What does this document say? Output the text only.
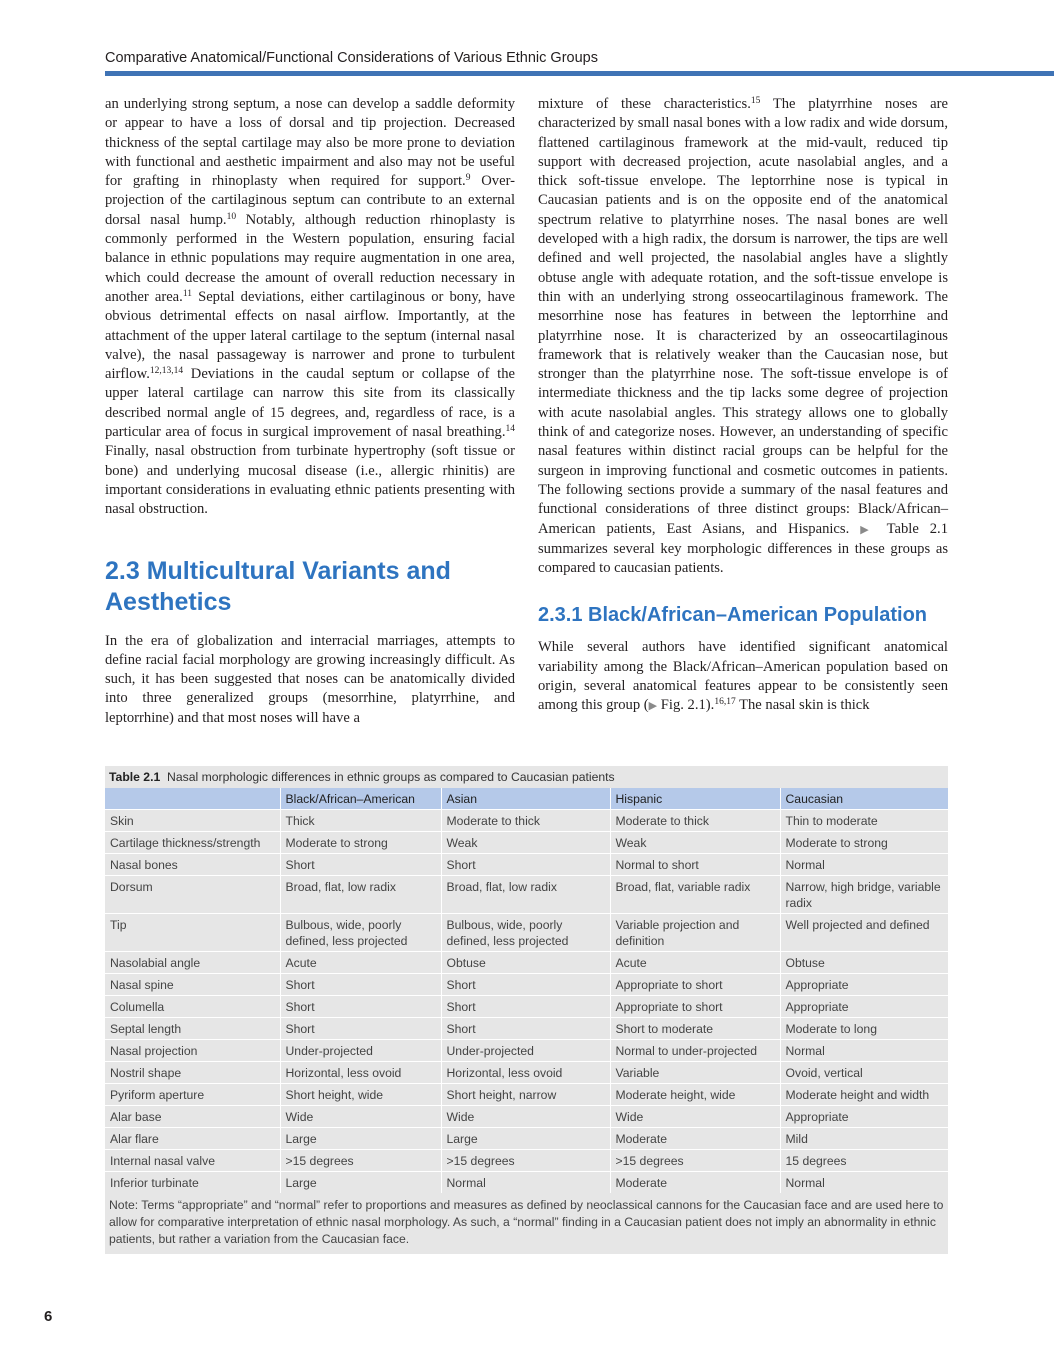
Comparative Anatomical/Functional Considerations of Various Ethnic Groups

an underlying strong septum, a nose can develop a saddle deformity or appear to have a loss of dorsal and tip projection. Decreased thickness of the septal cartilage may also be more prone to deviation with functional and aesthetic impairment and also may not be useful for grafting in rhinoplasty when required for support.$^9$ Over-projection of the cartilaginous septum can contribute to an external dorsal nasal hump.$^{10}$ Notably, although reduction rhinoplasty is commonly performed in the Western population, ensuring facial balance in ethnic populations may require augmentation in one area, which could decrease the amount of overall reduction necessary in another area.$^{11}$ Septal deviations, either cartilaginous or bony, have obvious detrimental effects on nasal airflow. Importantly, at the attachment of the upper lateral cartilage to the septum (internal nasal valve), the nasal passageway is narrower and prone to turbulent airflow.$^{12,13,14}$ Deviations in the caudal septum or collapse of the upper lateral cartilage can narrow this site from its classically described normal angle of 15 degrees, and, regardless of race, is a particular area of focus in surgical improvement of nasal breathing.$^{14}$ Finally, nasal obstruction from turbinate hypertrophy (soft tissue or bone) and underlying mucosal disease (i.e., allergic rhinitis) are important considerations in evaluating ethnic patients presenting with nasal obstruction.

2.3 Multicultural Variants and Aesthetics

In the era of globalization and interracial marriages, attempts to define racial facial morphology are growing increasingly difficult. As such, it has been suggested that noses can be anatomically divided into three generalized groups (mesorrhine, platyrrhine, and leptorrhine) and that most noses will have a

mixture of these characteristics.$^{15}$ The platyrrhine noses are characterized by small nasal bones with a low radix and wide dorsum, flattened cartilaginous framework at the mid-vault, reduced tip support with decreased projection, acute nasolabial angles, and a thick soft-tissue envelope. The leptorrhine nose is typical in Caucasian patients and is on the opposite end of the anatomical spectrum relative to platyrrhine noses. The nasal bones are well developed with a high radix, the dorsum is narrower, the tips are well defined and well projected, the nasolabial angles have a slightly obtuse angle with adequate rotation, and the soft-tissue envelope is thin with an underlying strong osseocartilaginous framework. The mesorrhine nose has features in between the leptorrhine and platyrrhine nose. It is characterized by an osseocartilaginous framework that is relatively weaker than the Caucasian nose, but stronger than the platyrrhine nose. The soft-tissue envelope is of intermediate thickness and the tip lacks some degree of projection with acute nasolabial angles. This strategy allows one to globally think of and categorize noses. However, an understanding of specific nasal features within distinct racial groups can be helpful for the surgeon in improving functional and cosmetic outcomes in patients. The following sections provide a summary of the nasal features and functional considerations of three distinct groups: Black/African–American patients, East Asians, and Hispanics. ▶ Table 2.1 summarizes several key morphologic differences in these groups as compared to caucasian patients.

2.3.1 Black/African–American Population

While several authors have identified significant anatomical variability among the Black/African–American population based on origin, several anatomical features appear to be consistently seen among this group (▶ Fig. 2.1).$^{16,17}$ The nasal skin is thick

Table 2.1 Nasal morphologic differences in ethnic groups as compared to Caucasian patients
	Black/African–American	Asian	Hispanic	Caucasian
Skin	Thick	Moderate to thick	Moderate to thick	Thin to moderate
Cartilage thickness/strength	Moderate to strong	Weak	Weak	Moderate to strong
Nasal bones	Short	Short	Normal to short	Normal
Dorsum	Broad, flat, low radix	Broad, flat, low radix	Broad, flat, variable radix	Narrow, high bridge, variable radix
Tip	Bulbous, wide, poorly defined, less projected	Bulbous, wide, poorly defined, less projected	Variable projection and definition	Well projected and defined
Nasolabial angle	Acute	Obtuse	Acute	Obtuse
Nasal spine	Short	Short	Appropriate to short	Appropriate
Columella	Short	Short	Appropriate to short	Appropriate
Septal length	Short	Short	Short to moderate	Moderate to long
Nasal projection	Under-projected	Under-projected	Normal to under-projected	Normal
Nostril shape	Horizontal, less ovoid	Horizontal, less ovoid	Variable	Ovoid, vertical
Pyriform aperture	Short height, wide	Short height, narrow	Moderate height, wide	Moderate height and width
Alar base	Wide	Wide	Wide	Appropriate
Alar flare	Large	Large	Moderate	Mild
Internal nasal valve	>15 degrees	>15 degrees	>15 degrees	15 degrees
Inferior turbinate	Large	Normal	Moderate	Normal
Note: Terms “appropriate” and “normal” refer to proportions and measures as defined by neoclassical cannons for the Caucasian face and are used here to allow for comparative interpretation of ethnic nasal morphology. As such, a “normal” finding in a Caucasian patient does not imply an abnormality in ethnic patients, but rather a variation from the Caucasian face.
6
